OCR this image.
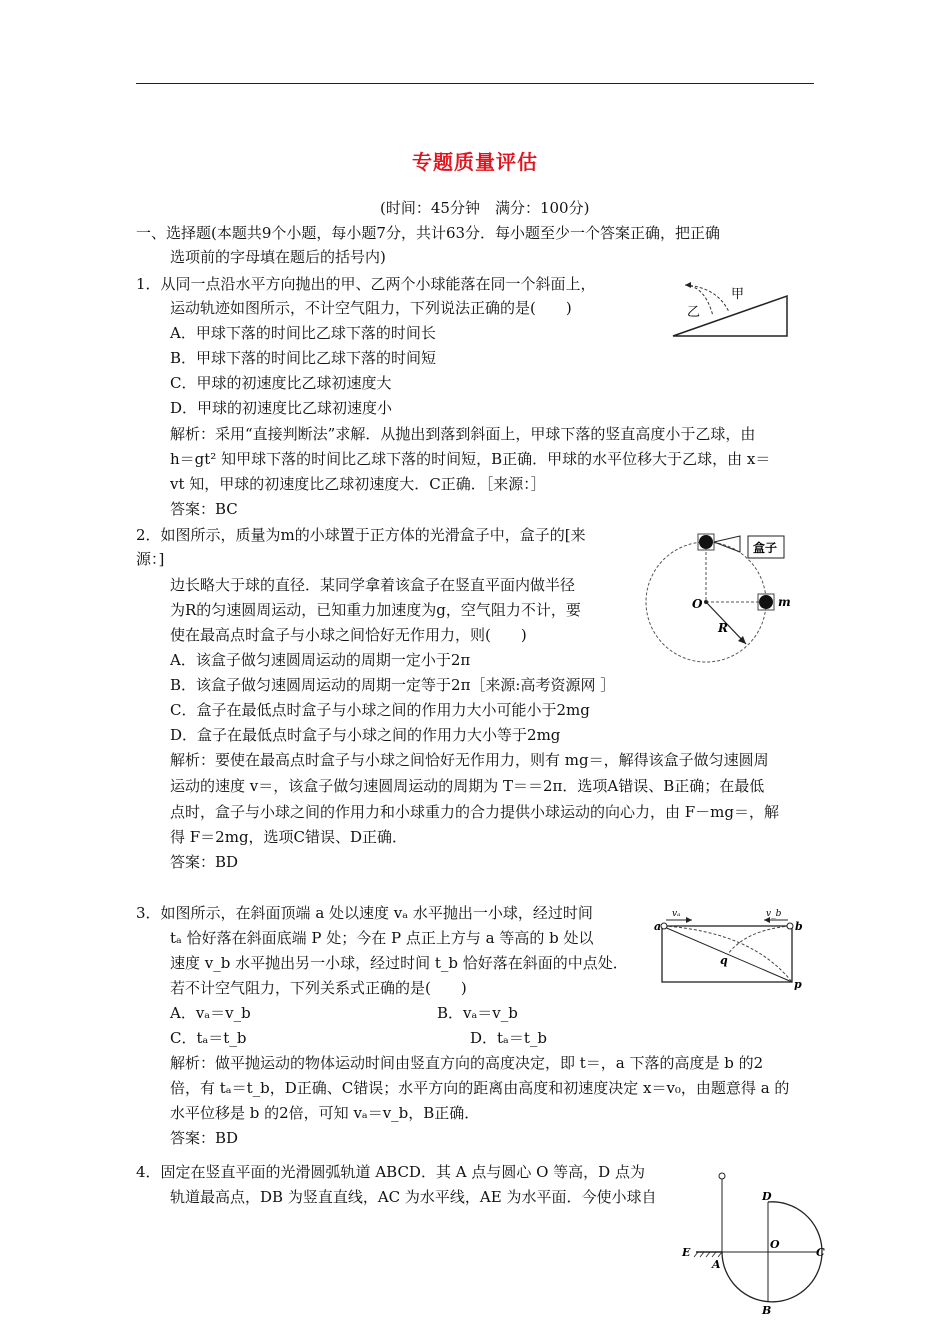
专题质量评估
(时间：45分钟　满分：100分)
一、选择题(本题共9个小题，每小题7分，共计63分．每小题至少一个答案正确，把正确
选项前的字母填在题后的括号内)
1．从同一点沿水平方向抛出的甲、乙两个小球能落在同一个斜面上，
运动轨迹如图所示，不计空气阻力，下列说法正确的是(　　)
A．甲球下落的时间比乙球下落的时间长
B．甲球下落的时间比乙球下落的时间短
C．甲球的初速度比乙球初速度大
D．甲球的初速度比乙球初速度小
解析：采用“直接判断法”求解．从抛出到落到斜面上，甲球下落的竖直高度小于乙球，由
h＝gt² 知甲球下落的时间比乙球下落的时间短，B正确．甲球的水平位移大于乙球，由 x＝
vt 知，甲球的初速度比乙球初速度大．C正确．［来源：］
答案：BC
甲
乙
2．如图所示，质量为m的小球置于正方体的光滑盒子中，盒子的[来
源：]
边长略大于球的直径．某同学拿着该盒子在竖直平面内做半径
为R的匀速圆周运动，已知重力加速度为g，空气阻力不计，要
使在最高点时盒子与小球之间恰好无作用力，则(　　)
A．该盒子做匀速圆周运动的周期一定小于2π
B．该盒子做匀速圆周运动的周期一定等于2π［来源:高考资源网 ］
C．盒子在最低点时盒子与小球之间的作用力大小可能小于2mg
D．盒子在最低点时盒子与小球之间的作用力大小等于2mg
解析：要使在最高点时盒子与小球之间恰好无作用力，则有 mg＝，解得该盒子做匀速圆周
运动的速度 v＝，该盒子做匀速圆周运动的周期为 T＝＝2π．选项A错误、B正确；在最低
点时，盒子与小球之间的作用力和小球重力的合力提供小球运动的向心力，由 F－mg＝，解
得 F＝2mg，选项C错误、D正确．
答案：BD
盒子
O
R
m
3．如图所示，在斜面顶端 a 处以速度 vₐ 水平抛出一小球，经过时间
tₐ 恰好落在斜面底端 P 处；今在 P 点正上方与 a 等高的 b 处以
速度 v_b 水平抛出另一小球，经过时间 t_b 恰好落在斜面的中点处．
若不计空气阻力，下列关系式正确的是(　　)
A．vₐ＝v_b	B．vₐ＝v_b
C．tₐ＝t_b	D．tₐ＝t_b
解析：做平抛运动的物体运动时间由竖直方向的高度决定，即 t＝，a 下落的高度是 b 的2
倍，有 tₐ＝t_b，D正确、C错误；水平方向的距离由高度和初速度决定 x＝v₀，由题意得 a 的
水平位移是 b 的2倍，可知 vₐ＝v_b，B正确．
答案：BD
a	b
vₐ	v_b
q
p
4．固定在竖直平面的光滑圆弧轨道 ABCD．其 A 点与圆心 O 等高，D 点为
轨道最高点，DB 为竖直直线，AC 为水平线，AE 为水平面．今使小球自	D
O
E
A
C
B
